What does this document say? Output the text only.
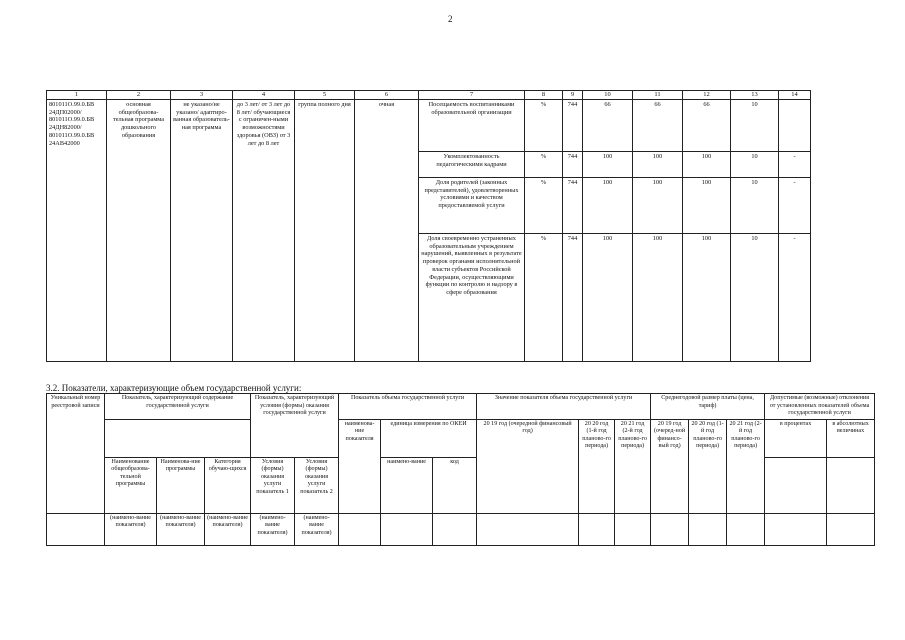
2
1	2	3	4	5	6	7	8	9	10	11	12	13	14
801011О.99.0.БВ 24ДП02000/ 801011О.99.0.БВ 24ДН82000/ 801011О.99.0.БВ 24АВ42000	основная общеобразова-тельная программа дошкольного образования	не указано/не указано/ адаптиро-ванная образователь-ная программа	до 3 лет/ от 3 лет до 8 лет/ обучающиеся с ограничен-ными возможностями здоровья (ОВЗ) от 3 лет до 8 лет	группа полного дня	очная	Посещаемость воспитанниками образовательной организации	%	744	66	66	66	10	
						Укомплектованность педагогическими кадрами	%	744	100	100	100	10	-
						Доля родителей (законных представителей), удовлетворенных условиями и качеством предоставляемой услуги	%	744	100	100	100	10	-
						Доля своевременно устраненных образовательным учреждением нарушений, выявленных в результате проверок органами исполнительной власти субъектов Российской Федерации, осуществляющими функции по контролю и надзору в сфере образования	%	744	100	100	100	10	-
3.2. Показатели, характеризующие объем государственной услуги:
Уникальный номер реестровой записи	Показатель, характеризующий содержание государственной услуги			Показатель, характеризующий условия (формы) оказания государственной услуги		Показатель объема государственной услуги			Значение показателя объема государственной услуги			Среднегодовой размер платы (цена, тариф)			Допустимые (возможные) отклонения от установленных показателей объема государственной услуги	
						наименова-ние показателя	единица измерения по ОКЕИ		20 19 год (очередной финансовый год)	20 20 год (1-й год планово-го периода)	20 21 год (2-й год планово-го периода)	20 19 год (очеред-ной финансо-вый год)	20 20 год (1-й год планово-го периода)	20 21 год (2-й год планово-го периода)	в процентах	в абсолютных величинах
	Наименование общеобразова-тельной программы	Наименова-ние программы	Категория обучаю-щихся	Условия (формы) оказания услуги показатель 1	Условия (формы) оказания услуги показатель 2		наимено-вание	код								
	(наимено-вание показателя)	(наимено-вание показателя)	(наимено-вание показателя)	(наимено-вание показателя)	(наимено-вание показателя)											
